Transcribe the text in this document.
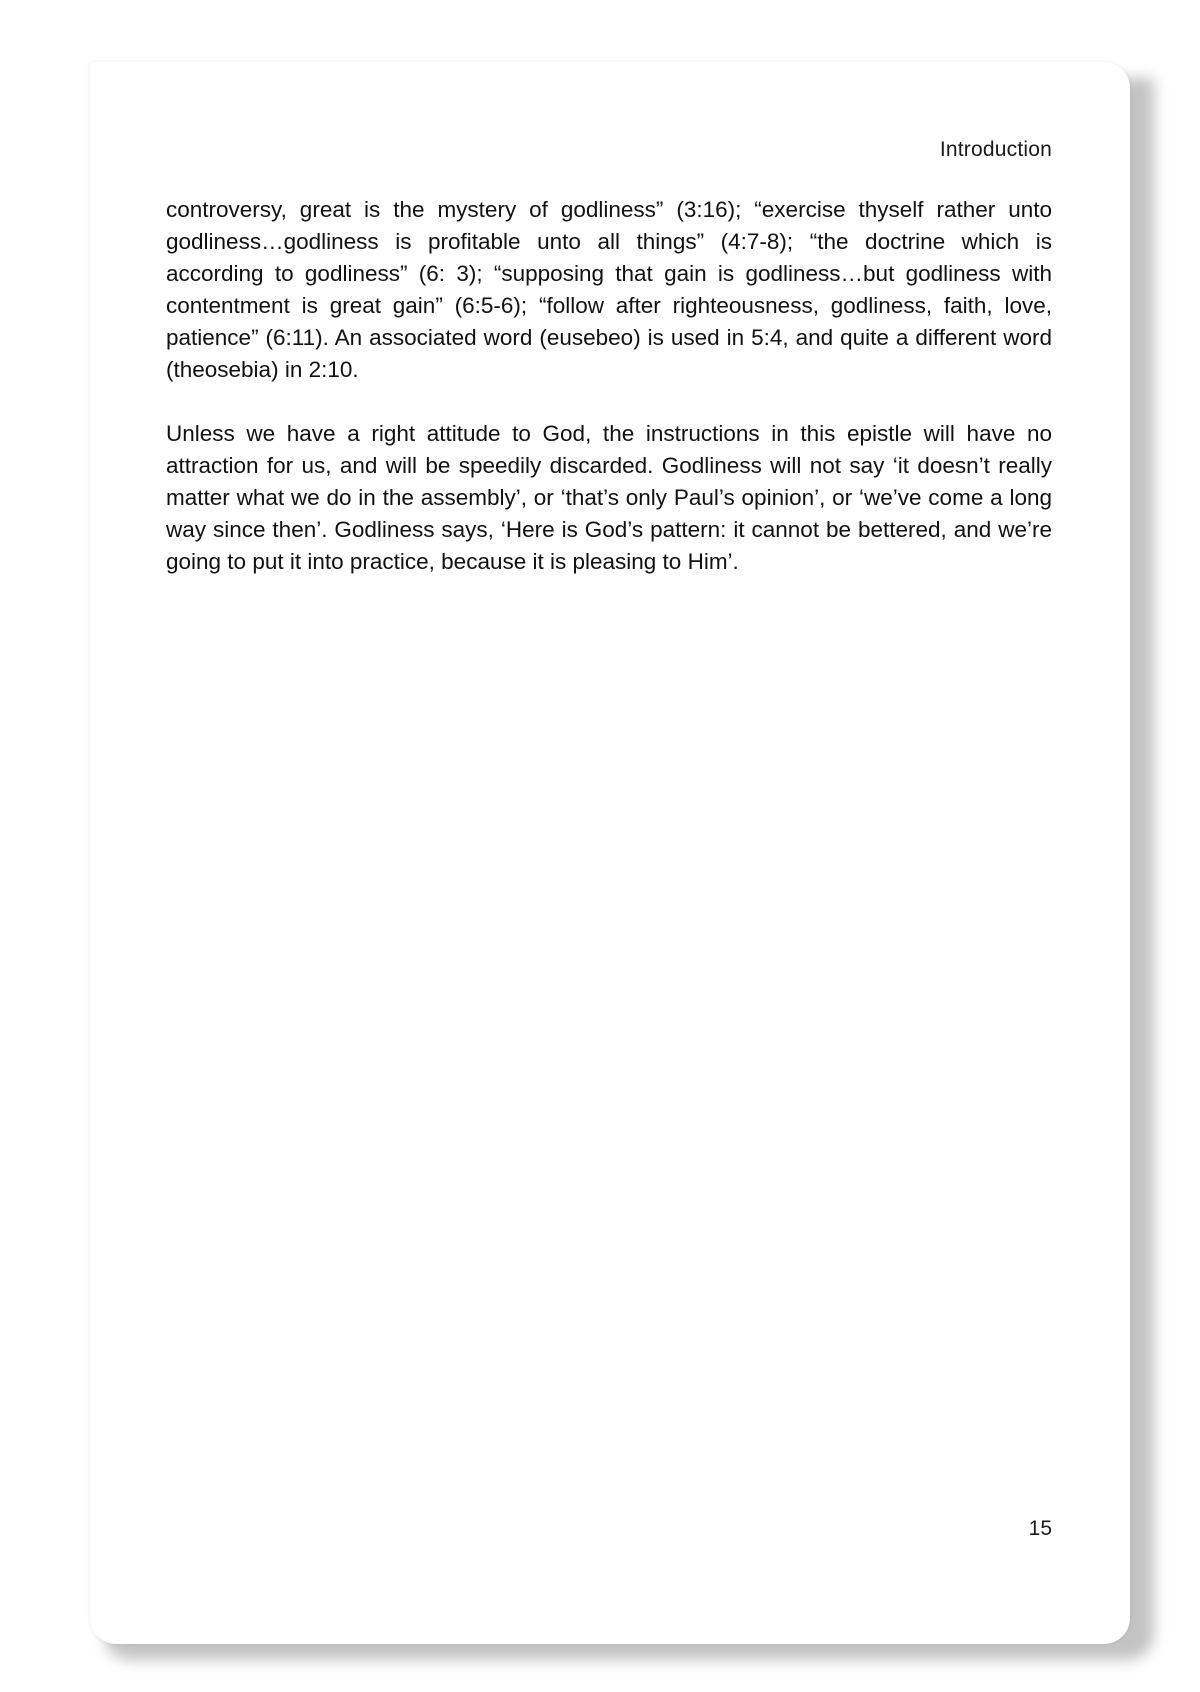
Introduction

controversy, great is the mystery of godliness” (3:16); “exercise thyself rather unto godliness…godliness is profitable unto all things” (4:7-8); “the doctrine which is according to godliness” (6: 3); “supposing that gain is godliness…but godliness with contentment is great gain” (6:5-6); “follow after righteousness, godliness, faith, love, patience” (6:11). An associated word (eusebeo) is used in 5:4, and quite a different word (theosebia) in 2:10.

Unless we have a right attitude to God, the instructions in this epistle will have no attraction for us, and will be speedily discarded. Godliness will not say ‘it doesn’t really matter what we do in the assembly’, or ‘that’s only Paul’s opinion’, or ‘we’ve come a long way since then’. Godliness says, ‘Here is God’s pattern: it cannot be bettered, and we’re going to put it into practice, because it is pleasing to Him’.

15
